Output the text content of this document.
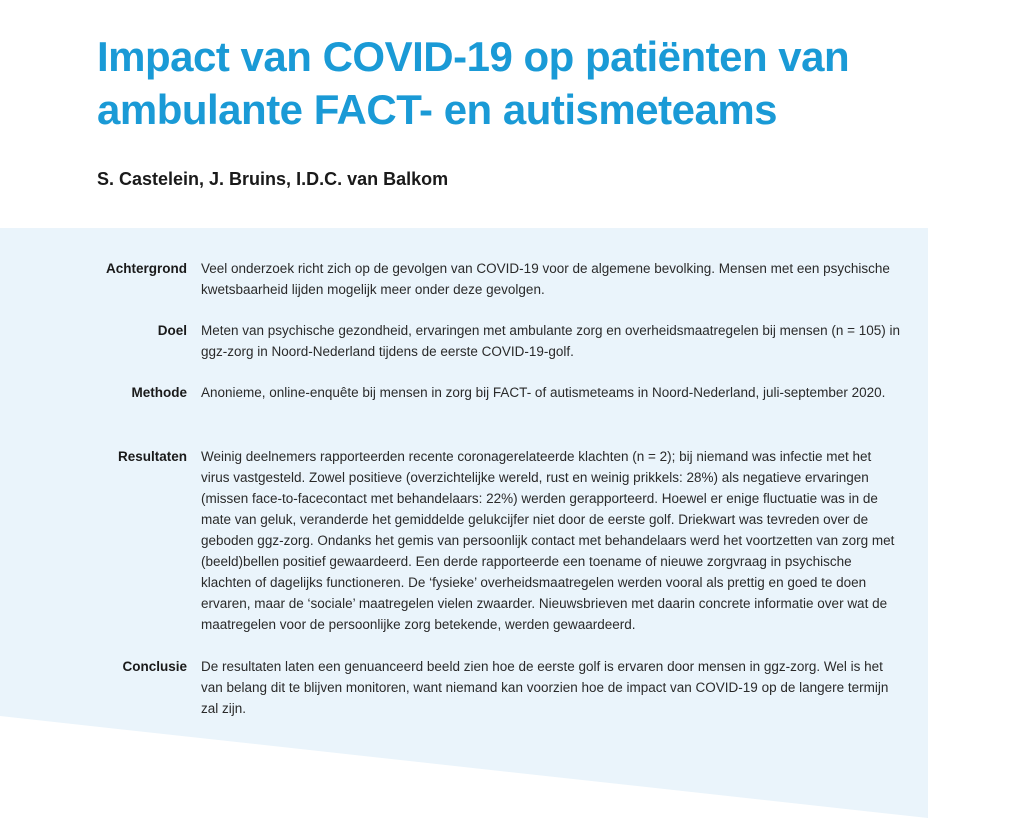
Impact van COVID-19 op patiënten van ambulante FACT- en autismeteams

S. Castelein, J. Bruins, I.D.C. van Balkom

Achtergrond	Veel onderzoek richt zich op de gevolgen van COVID-19 voor de algemene bevolking. Mensen met een psychische kwetsbaarheid lijden mogelijk meer onder deze gevolgen.

Doel	Meten van psychische gezondheid, ervaringen met ambulante zorg en overheidsmaatregelen bij mensen (n = 105) in ggz-zorg in Noord-Nederland tijdens de eerste COVID-19-golf.

Methode	Anonieme, online-enquête bij mensen in zorg bij FACT- of autismeteams in Noord-Nederland, juli-september 2020.

Resultaten	Weinig deelnemers rapporteerden recente coronagerelateerde klachten (n = 2); bij niemand was infectie met het virus vastgesteld. Zowel positieve (overzichtelijke wereld, rust en weinig prikkels: 28%) als negatieve ervaringen (missen face-to-facecontact met behandelaars: 22%) werden gerapporteerd. Hoewel er enige fluctuatie was in de mate van geluk, veranderde het gemiddelde gelukcijfer niet door de eerste golf. Driekwart was tevreden over de geboden ggz-zorg. Ondanks het gemis van persoonlijk contact met behandelaars werd het voortzetten van zorg met (beeld)bellen positief gewaardeerd. Een derde rapporteerde een toename of nieuwe zorgvraag in psychische klachten of dagelijks functioneren. De ‘fysieke’ overheidsmaatregelen werden vooral als prettig en goed te doen ervaren, maar de ‘sociale’ maatregelen vielen zwaarder. Nieuwsbrieven met daarin concrete informatie over wat de maatregelen voor de persoonlijke zorg betekende, werden gewaardeerd.

Conclusie	De resultaten laten een genuanceerd beeld zien hoe de eerste golf is ervaren door mensen in ggz-zorg. Wel is het van belang dit te blijven monitoren, want niemand kan voorzien hoe de impact van COVID-19 op de langere termijn zal zijn.
